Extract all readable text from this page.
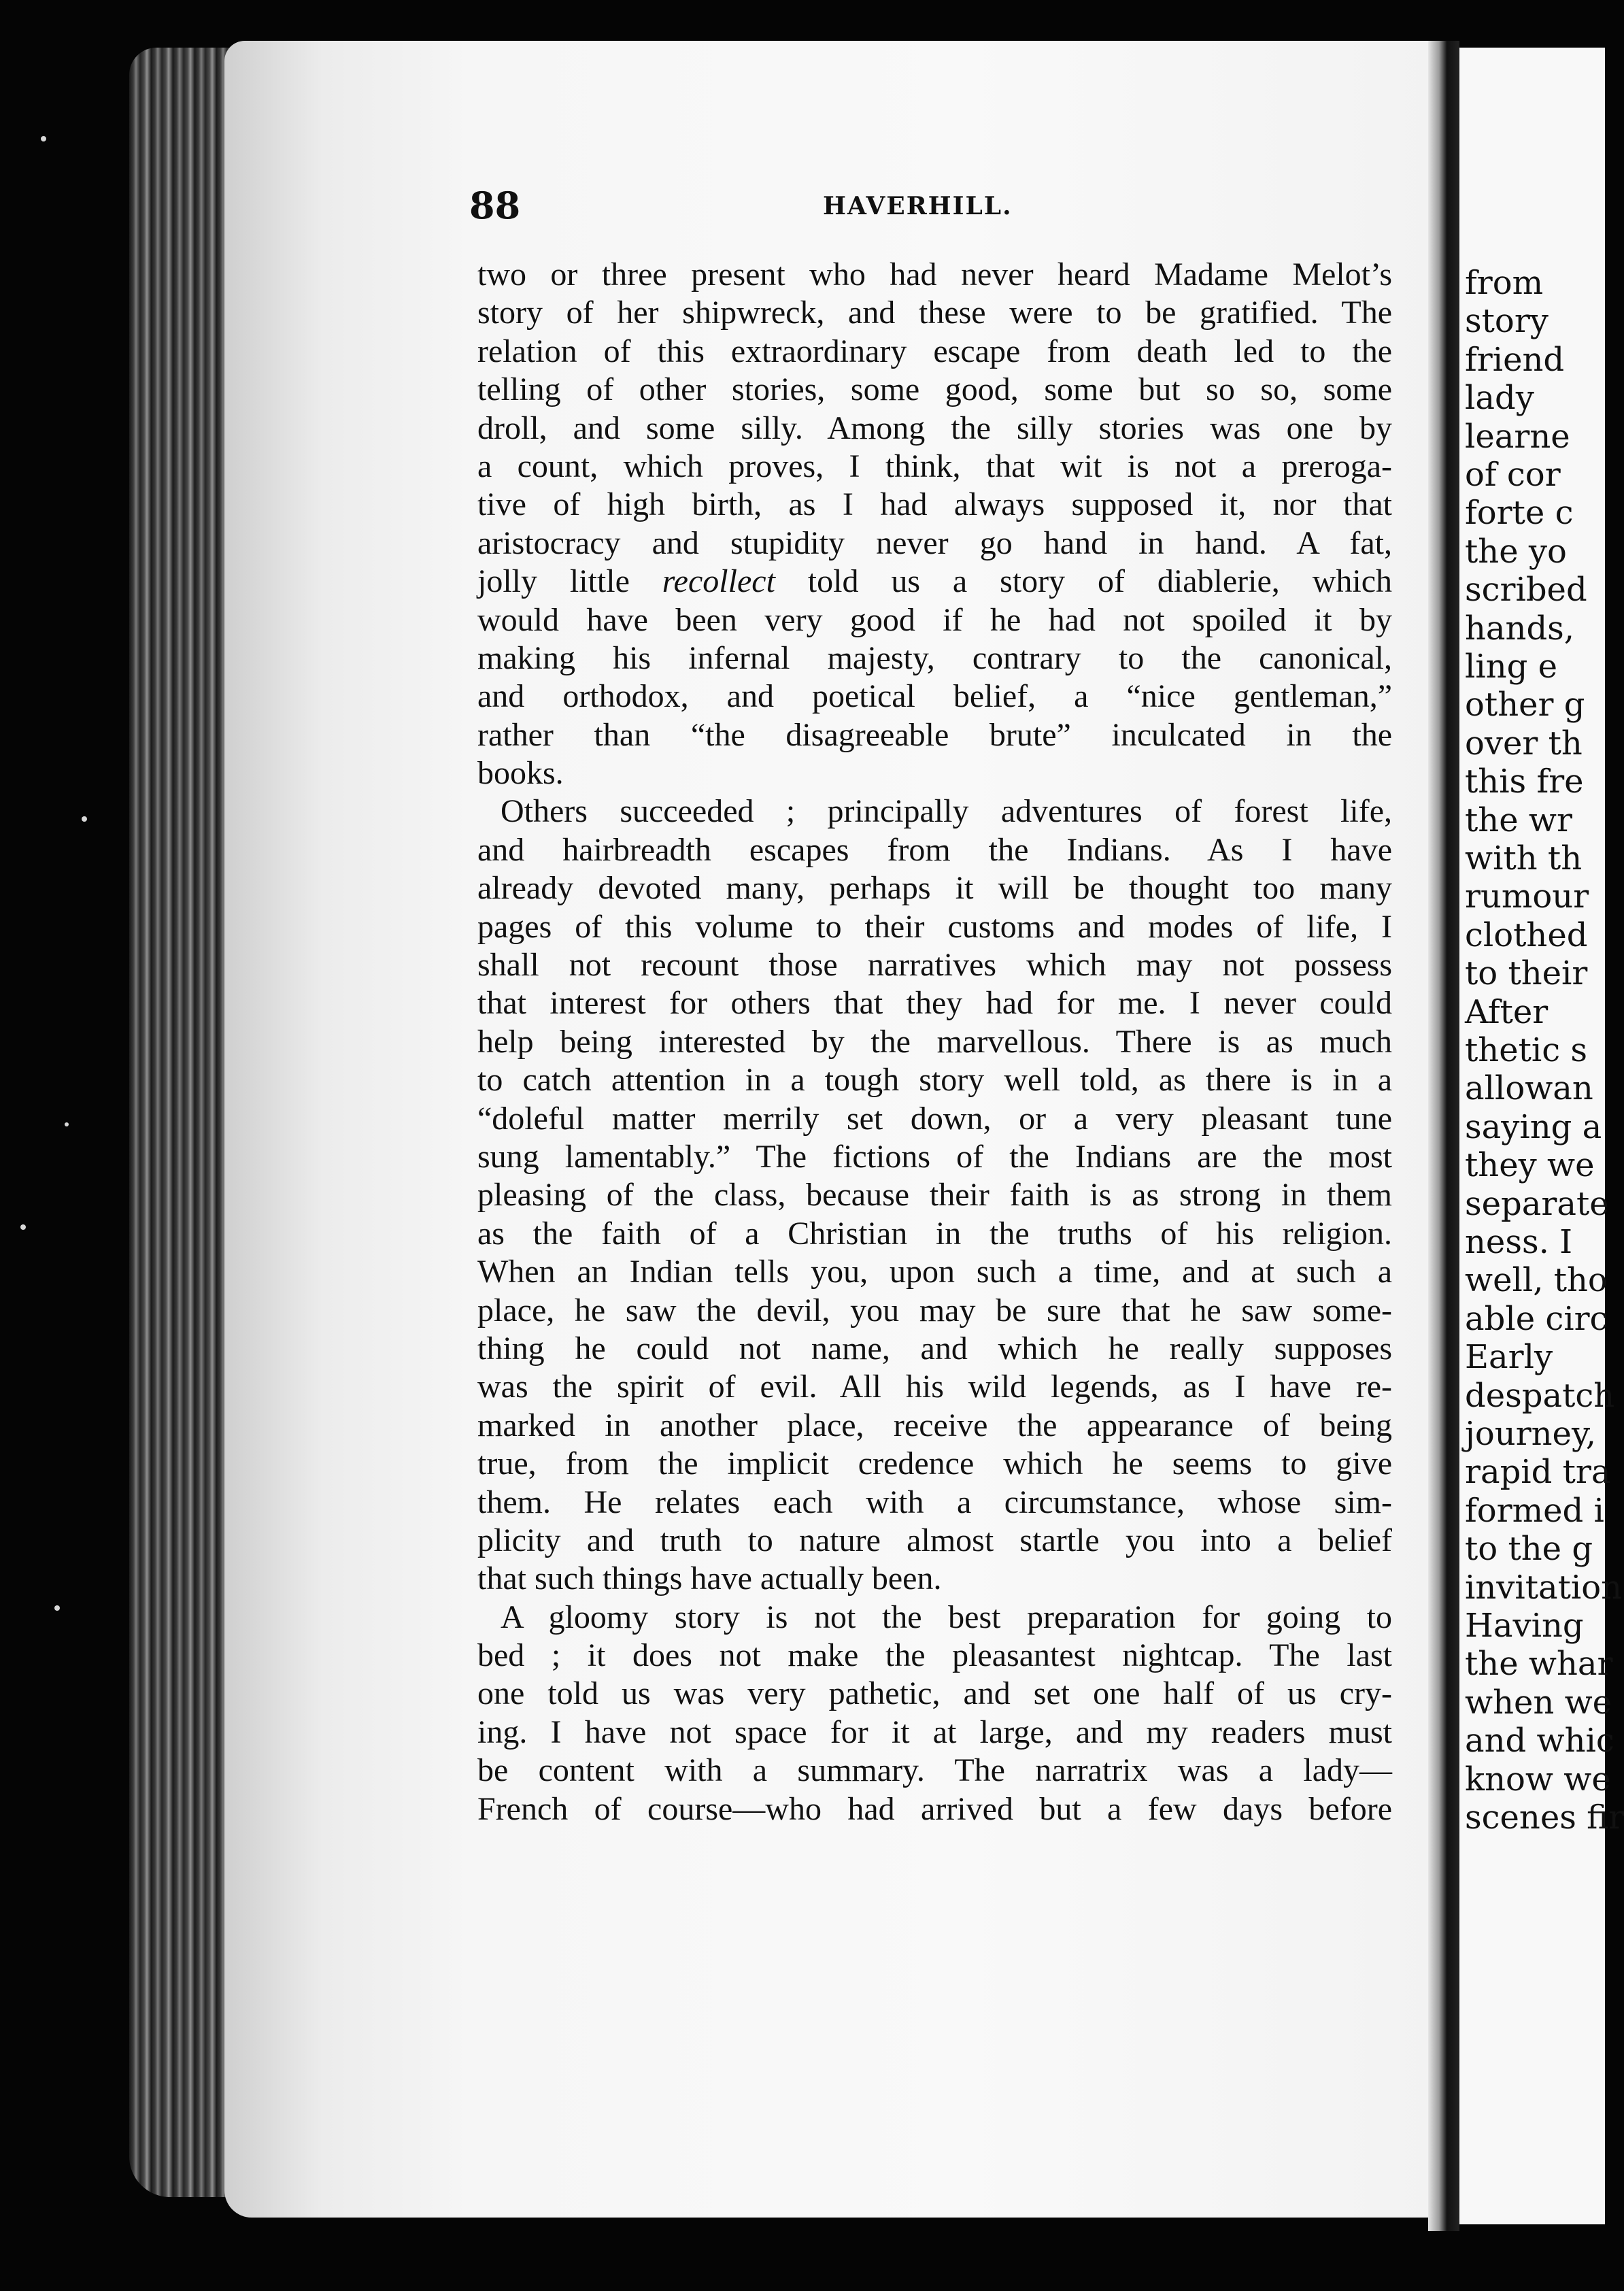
88	HAVERHILL.
two or three present who had never heard Madame Melot’s
story of her shipwreck, and these were to be gratified. The
relation of this extraordinary escape from death led to the
telling of other stories, some good, some but so so, some
droll, and some silly. Among the silly stories was one by
a count, which proves, I think, that wit is not a preroga-
tive of high birth, as I had always supposed it, nor that
aristocracy and stupidity never go hand in hand. A fat,
jolly little recollect told us a story of diablerie, which
would have been very good if he had not spoiled it by
making his infernal majesty, contrary to the canonical,
and orthodox, and poetical belief, a “nice gentleman,”
rather than “the disagreeable brute” inculcated in the
books.
Others succeeded ; principally adventures of forest life,
and hairbreadth escapes from the Indians. As I have
already devoted many, perhaps it will be thought too many
pages of this volume to their customs and modes of life, I
shall not recount those narratives which may not possess
that interest for others that they had for me. I never could
help being interested by the marvellous. There is as much
to catch attention in a tough story well told, as there is in a
“doleful matter merrily set down, or a very pleasant tune
sung lamentably.” The fictions of the Indians are the most
pleasing of the class, because their faith is as strong in them
as the faith of a Christian in the truths of his religion.
When an Indian tells you, upon such a time, and at such a
place, he saw the devil, you may be sure that he saw some-
thing he could not name, and which he really supposes
was the spirit of evil. All his wild legends, as I have re-
marked in another place, receive the appearance of being
true, from the implicit credence which he seems to give
them. He relates each with a circumstance, whose sim-
plicity and truth to nature almost startle you into a belief
that such things have actually been.
A gloomy story is not the best preparation for going to
bed ; it does not make the pleasantest nightcap. The last
one told us was very pathetic, and set one half of us cry-
ing. I have not space for it at large, and my readers must
be content with a summary. The narratrix was a lady—
French of course—who had arrived but a few days before
from
story
friend
lady
learne
of cor
forte c
the yo
scribed
hands,
ling e
other g
over th
this fre
the wr
with th
rumour
clothed
to their
After
thetic s
allowan
saying a
they we
separate
ness. I
well, tho
able circ
Early
despatch
journey,
rapid tra
formed i
to the g
invitation
Having
the whar
when we
and whic
know we
scenes fir
